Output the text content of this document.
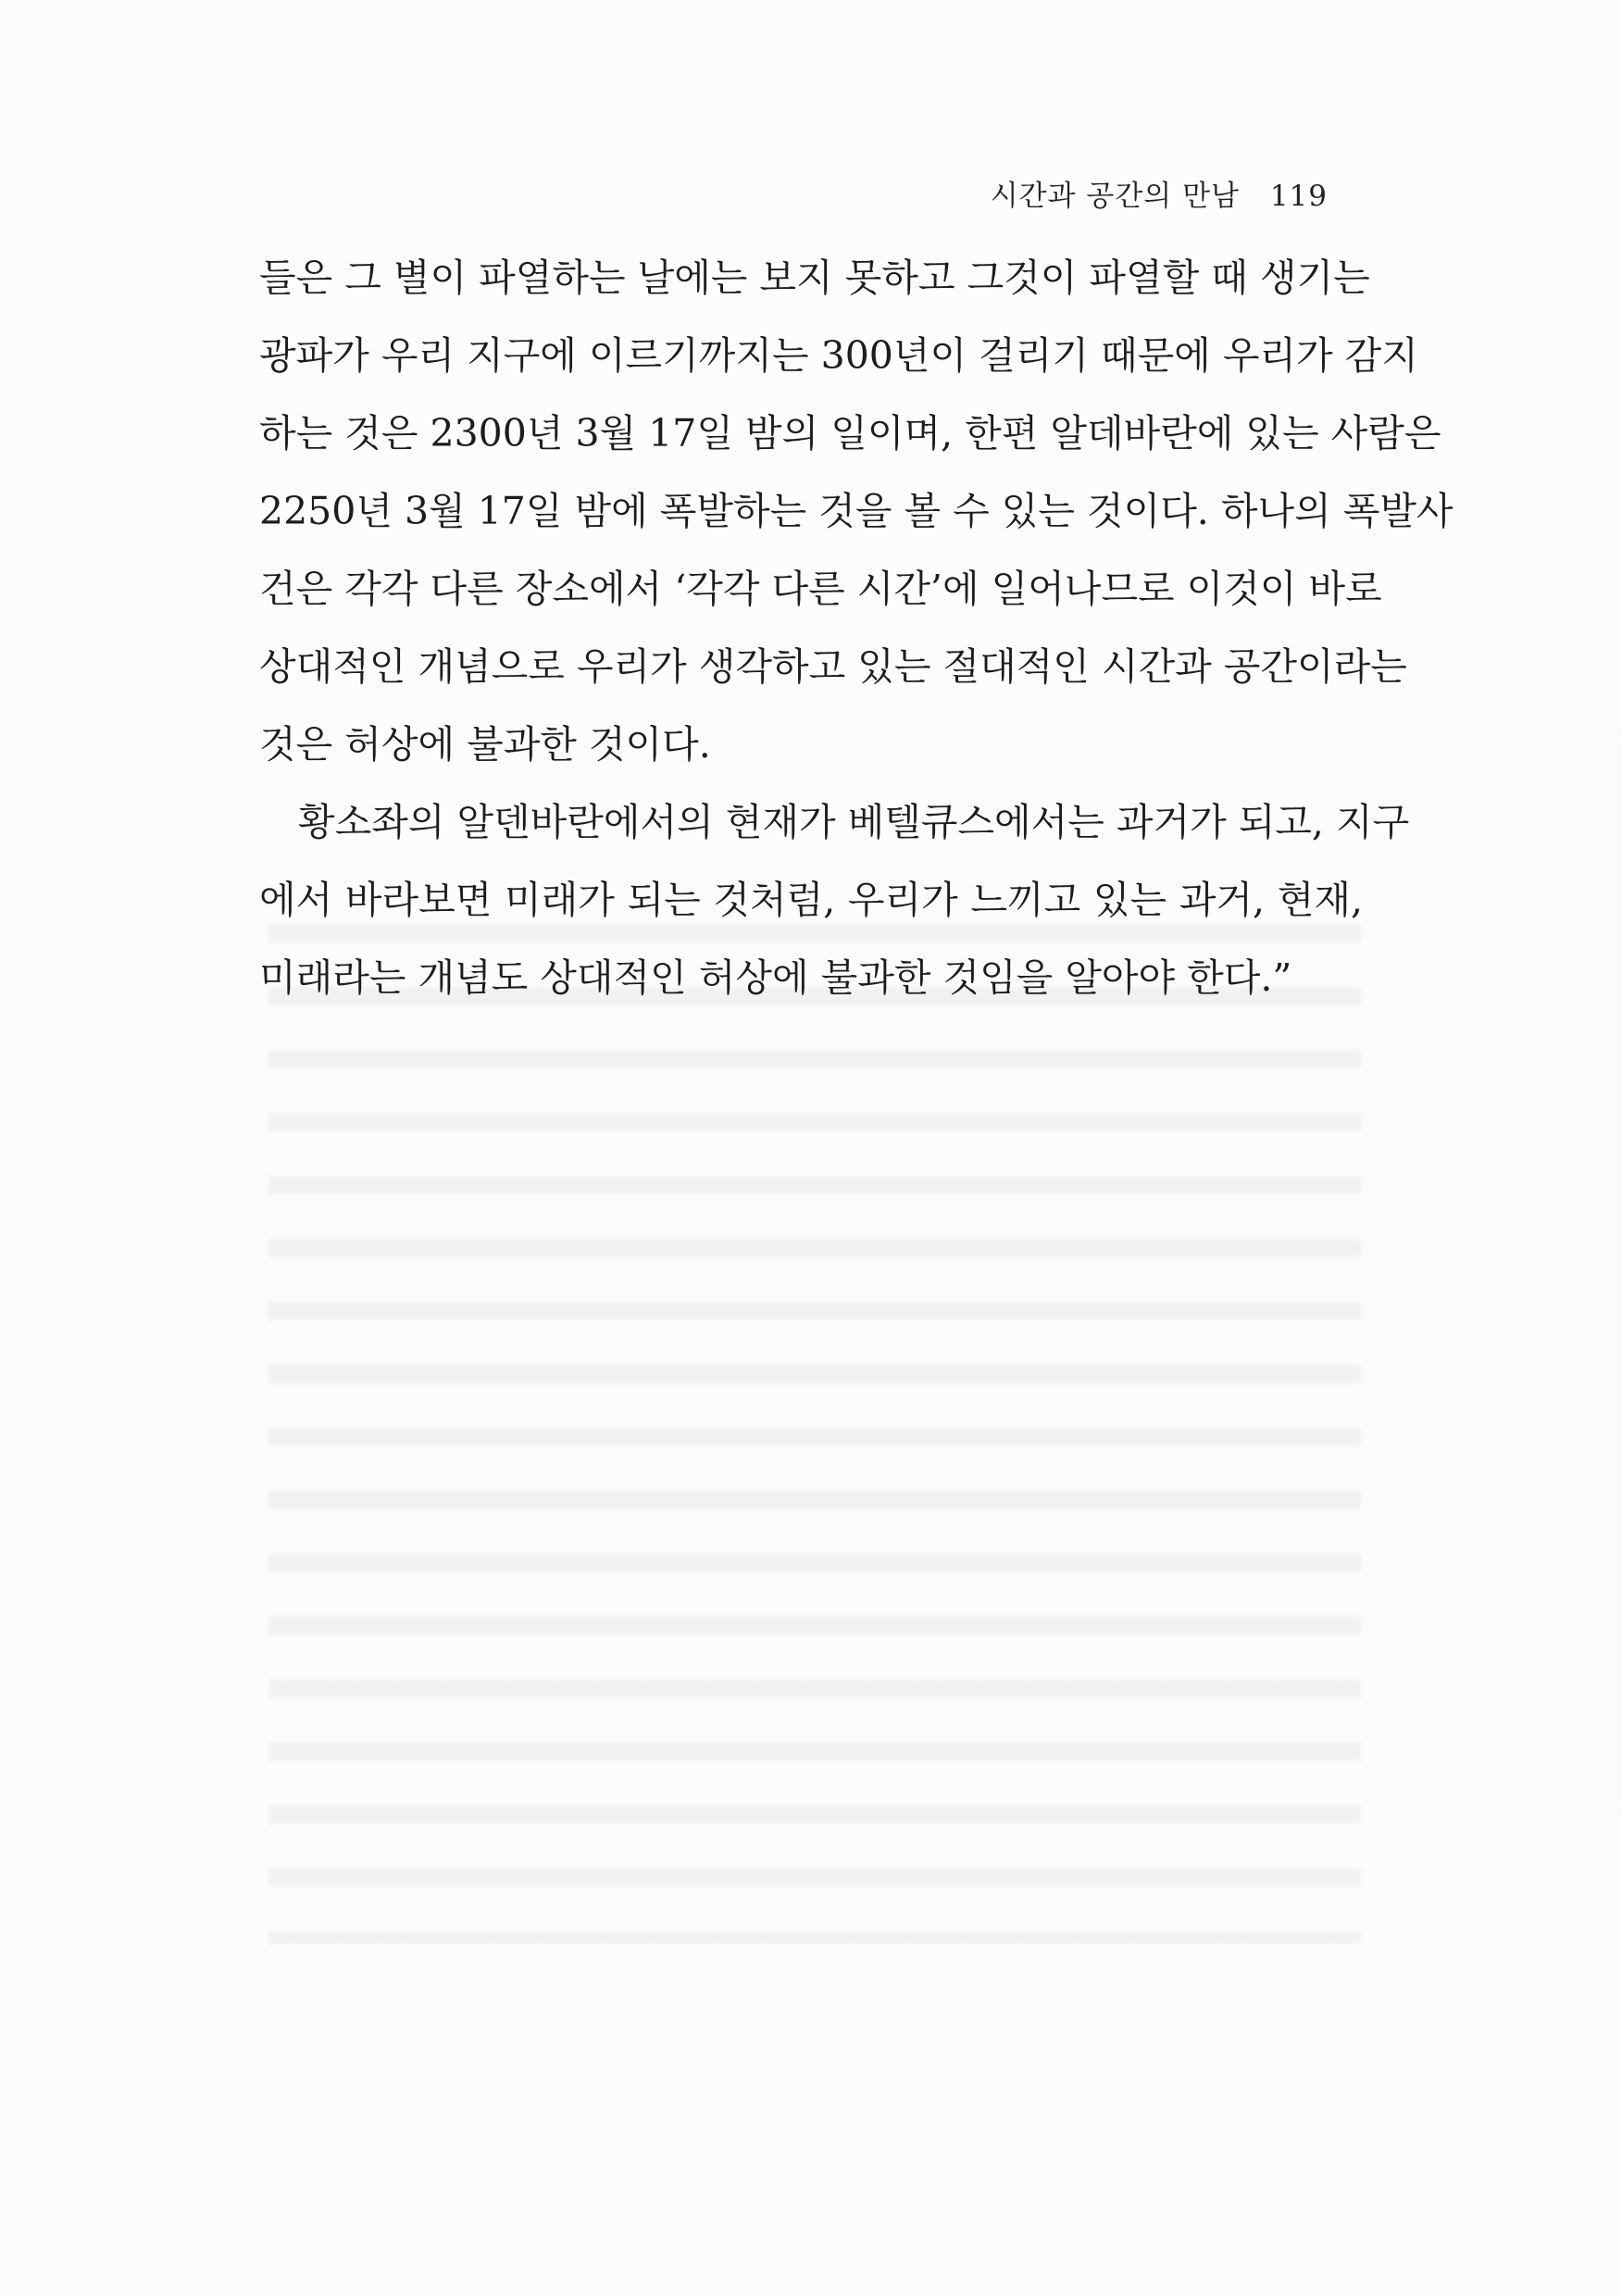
시간과 공간의 만남 119
들은 그 별이 파열하는 날에는 보지 못하고 그것이 파열할 때 생기는
광파가 우리 지구에 이르기까지는 300년이 걸리기 때문에 우리가 감지
하는 것은 2300년 3월 17일 밤의 일이며, 한편 알데바란에 있는 사람은
2250년 3월 17일 밤에 폭발하는 것을 볼 수 있는 것이다. 하나의 폭발사
건은 각각 다른 장소에서 ‘각각 다른 시간’에 일어나므로 이것이 바로
상대적인 개념으로 우리가 생각하고 있는 절대적인 시간과 공간이라는
것은 허상에 불과한 것이다.
황소좌의 알덴바란에서의 현재가 베텔큐스에서는 과거가 되고, 지구
에서 바라보면 미래가 되는 것처럼, 우리가 느끼고 있는 과거, 현재,
미래라는 개념도 상대적인 허상에 불과한 것임을 알아야 한다.”
